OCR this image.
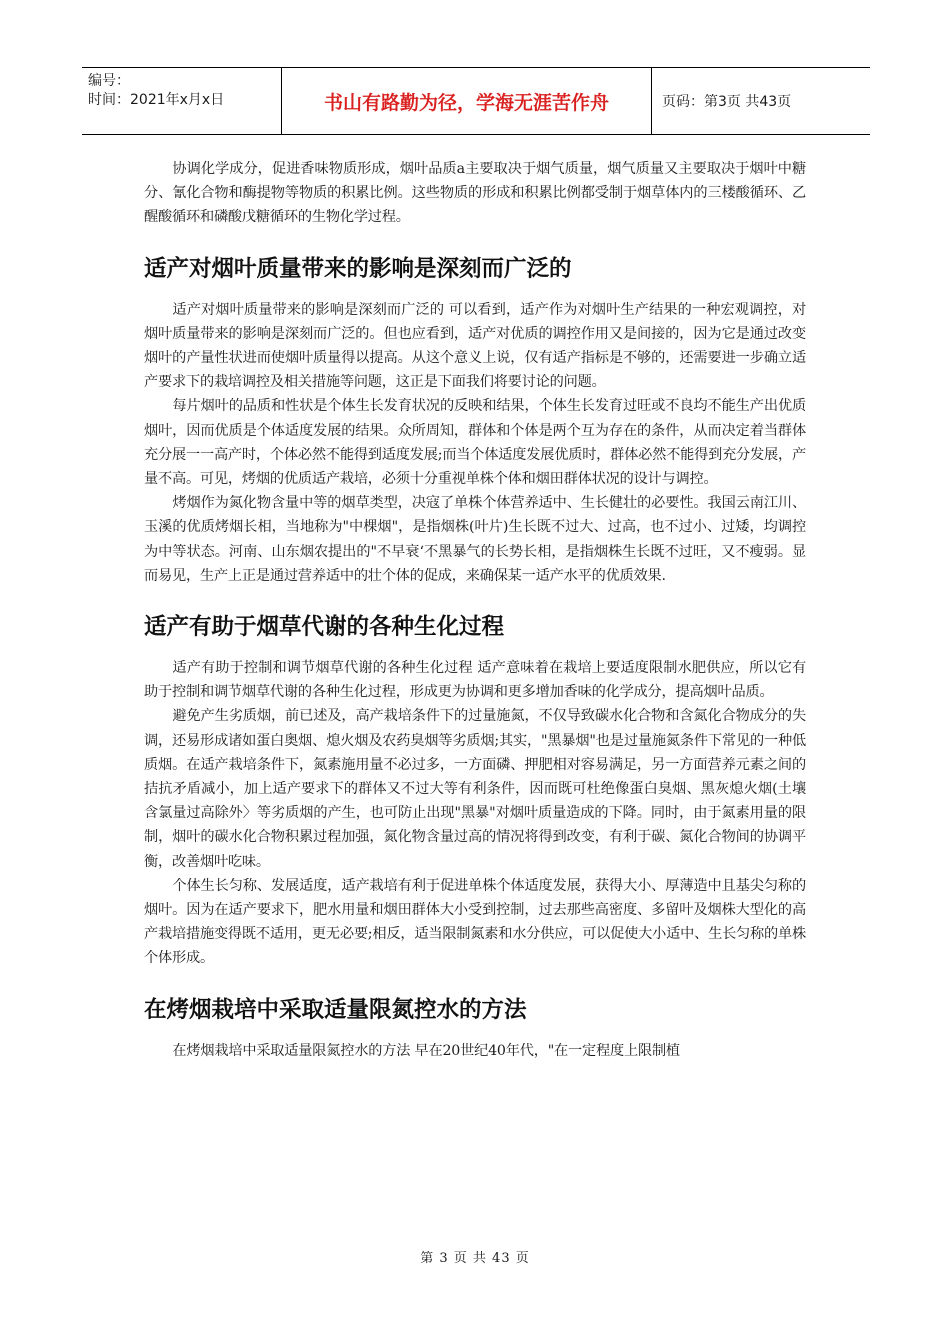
编号：
时间：2021年x月x日	书山有路勤为径，学海无涯苦作舟	页码：第3页 共43页

协调化学成分，促进香味物质形成，烟叶品质a主要取决于烟气质量，烟气质量又主要取决于烟叶中糖分、氰化合物和酶提物等物质的积累比例。这些物质的形成和积累比例都受制于烟草体内的三楼酸循环、乙醒酸循环和磷酸戊糖循环的生物化学过程。

适产对烟叶质量带来的影响是深刻而广泛的

适产对烟叶质量带来的影响是深刻而广泛的 可以看到，适产作为对烟叶生产结果的一种宏观调控，对烟叶质量带来的影响是深刻而广泛的。但也应看到，适产对优质的调控作用又是间接的，因为它是通过改变烟叶的产量性状进而使烟叶质量得以提高。从这个意义上说，仅有适产指标是不够的，还需要进一步确立适产要求下的栽培调控及相关措施等问题，这正是下面我们将要讨论的问题。

每片烟叶的品质和性状是个体生长发育状况的反映和结果，个体生长发育过旺或不良均不能生产出优质烟叶，因而优质是个体适度发展的结果。众所周知，群体和个体是两个互为存在的条件，从而决定着当群体充分展一一高产时，个体必然不能得到适度发展;而当个体适度发展优质时，群体必然不能得到充分发展，产量不高。可见，烤烟的优质适产栽培，必须十分重视单株个体和烟田群体状况的设计与调控。

烤烟作为氮化物含量中等的烟草类型，决寇了单株个体营养适中、生长健壮的必要性。我国云南江川、玉溪的优质烤烟长相，当地称为"中棵烟"，是指烟株(叶片)生长既不过大、过高，也不过小、过矮，均调控为中等状态。河南、山东烟农提出的"不早衰‘不黑暴气的长势长相，是指烟株生长既不过旺，又不瘦弱。显而易见，生产上正是通过营养适中的壮个体的促成，来确保某一适产水平的优质效果.

适产有助于烟草代谢的各种生化过程

适产有助于控制和调节烟草代谢的各种生化过程 适产意味着在栽培上要适度限制水肥供应，所以它有助于控制和调节烟草代谢的各种生化过程，形成更为协调和更多增加香味的化学成分，提高烟叶品质。

避免产生劣质烟，前已述及，高产栽培条件下的过量施氮，不仅导致碳水化合物和含氮化合物成分的失调，还易形成诸如蛋白奥烟、熄火烟及农药臭烟等劣质烟;其实，"黑暴烟"也是过量施氮条件下常见的一种低质烟。在适产栽培条件下，氮素施用量不必过多，一方面磷、押肥相对容易满足，另一方面营养元素之间的拮抗矛盾减小，加上适产要求下的群体又不过大等有利条件，因而既可杜绝像蛋白臭烟、黑灰熄火烟(土壤含氯量过高除外〉等劣质烟的产生，也可防止出现"黑暴"对烟叶质量造成的下降。同时，由于氮素用量的限制，烟叶的碳水化合物积累过程加强，氮化物含量过高的情况将得到改变，有利于碳、氮化合物间的协调平衡，改善烟叶吃味。

个体生长匀称、发展适度，适产栽培有利于促进单株个体适度发展，获得大小、厚薄造中且基尖匀称的烟叶。因为在适产要求下，肥水用量和烟田群体大小受到控制，过去那些高密度、多留叶及烟株大型化的高产栽培措施变得既不适用，更无必要;相反，适当限制氮素和水分供应，可以促使大小适中、生长匀称的单株个体形成。

在烤烟栽培中采取适量限氮控水的方法

在烤烟栽培中采取适量限氮控水的方法 早在20世纪40年代，"在一定程度上限制植

第 3 页 共 43 页
